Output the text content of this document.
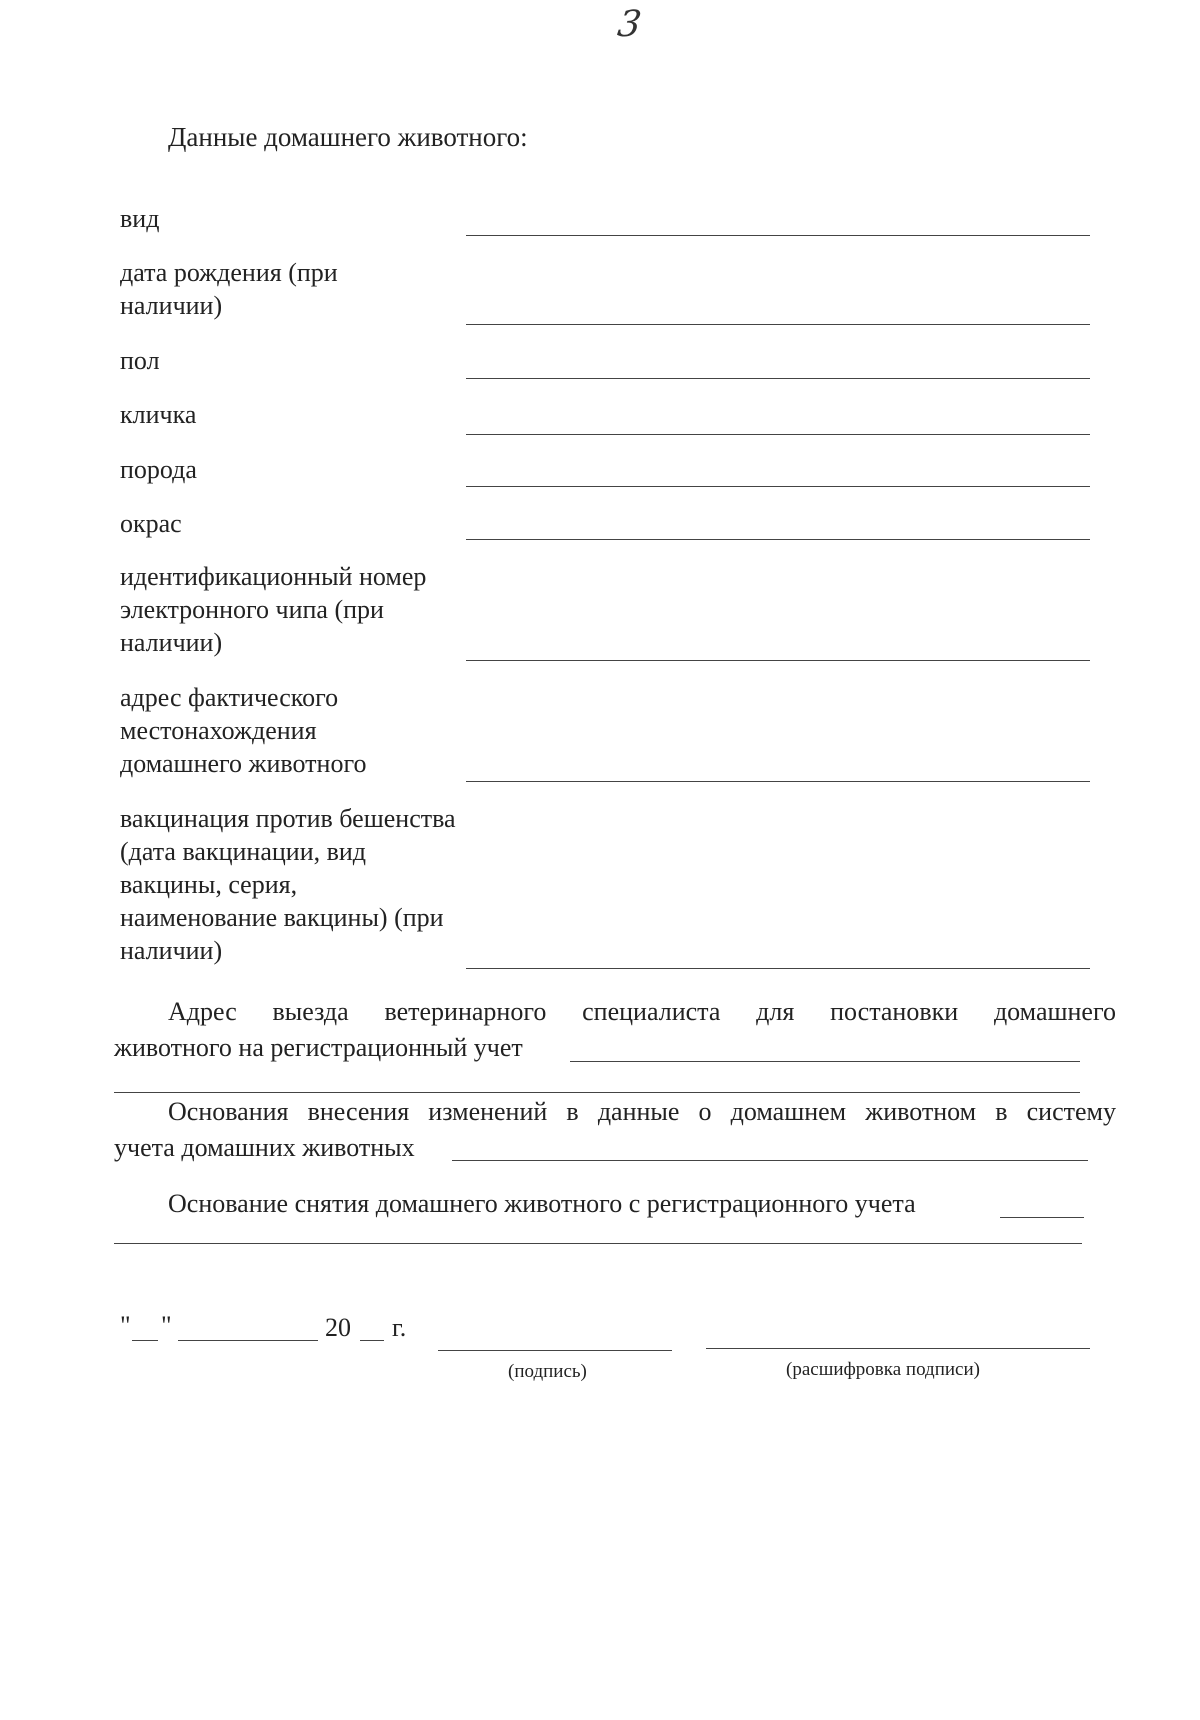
3
Данные домашнего животного:
вид
дата рождения (при наличии)
пол
кличка
порода
окрас
идентификационный номер электронного чипа (при наличии)
адрес фактического местонахождения домашнего животного
вакцинация против бешенства (дата вакцинации, вид вакцины, серия, наименование вакцины) (при наличии)
Адрес выезда ветеринарного специалиста для постановки домашнего
животного на регистрационный учет
Основания внесения изменений в данные о домашнем животном в систему
учета домашних животных
Основание снятия домашнего животного с регистрационного учета
" "	20 г.
(подпись)	(расшифровка подписи)
